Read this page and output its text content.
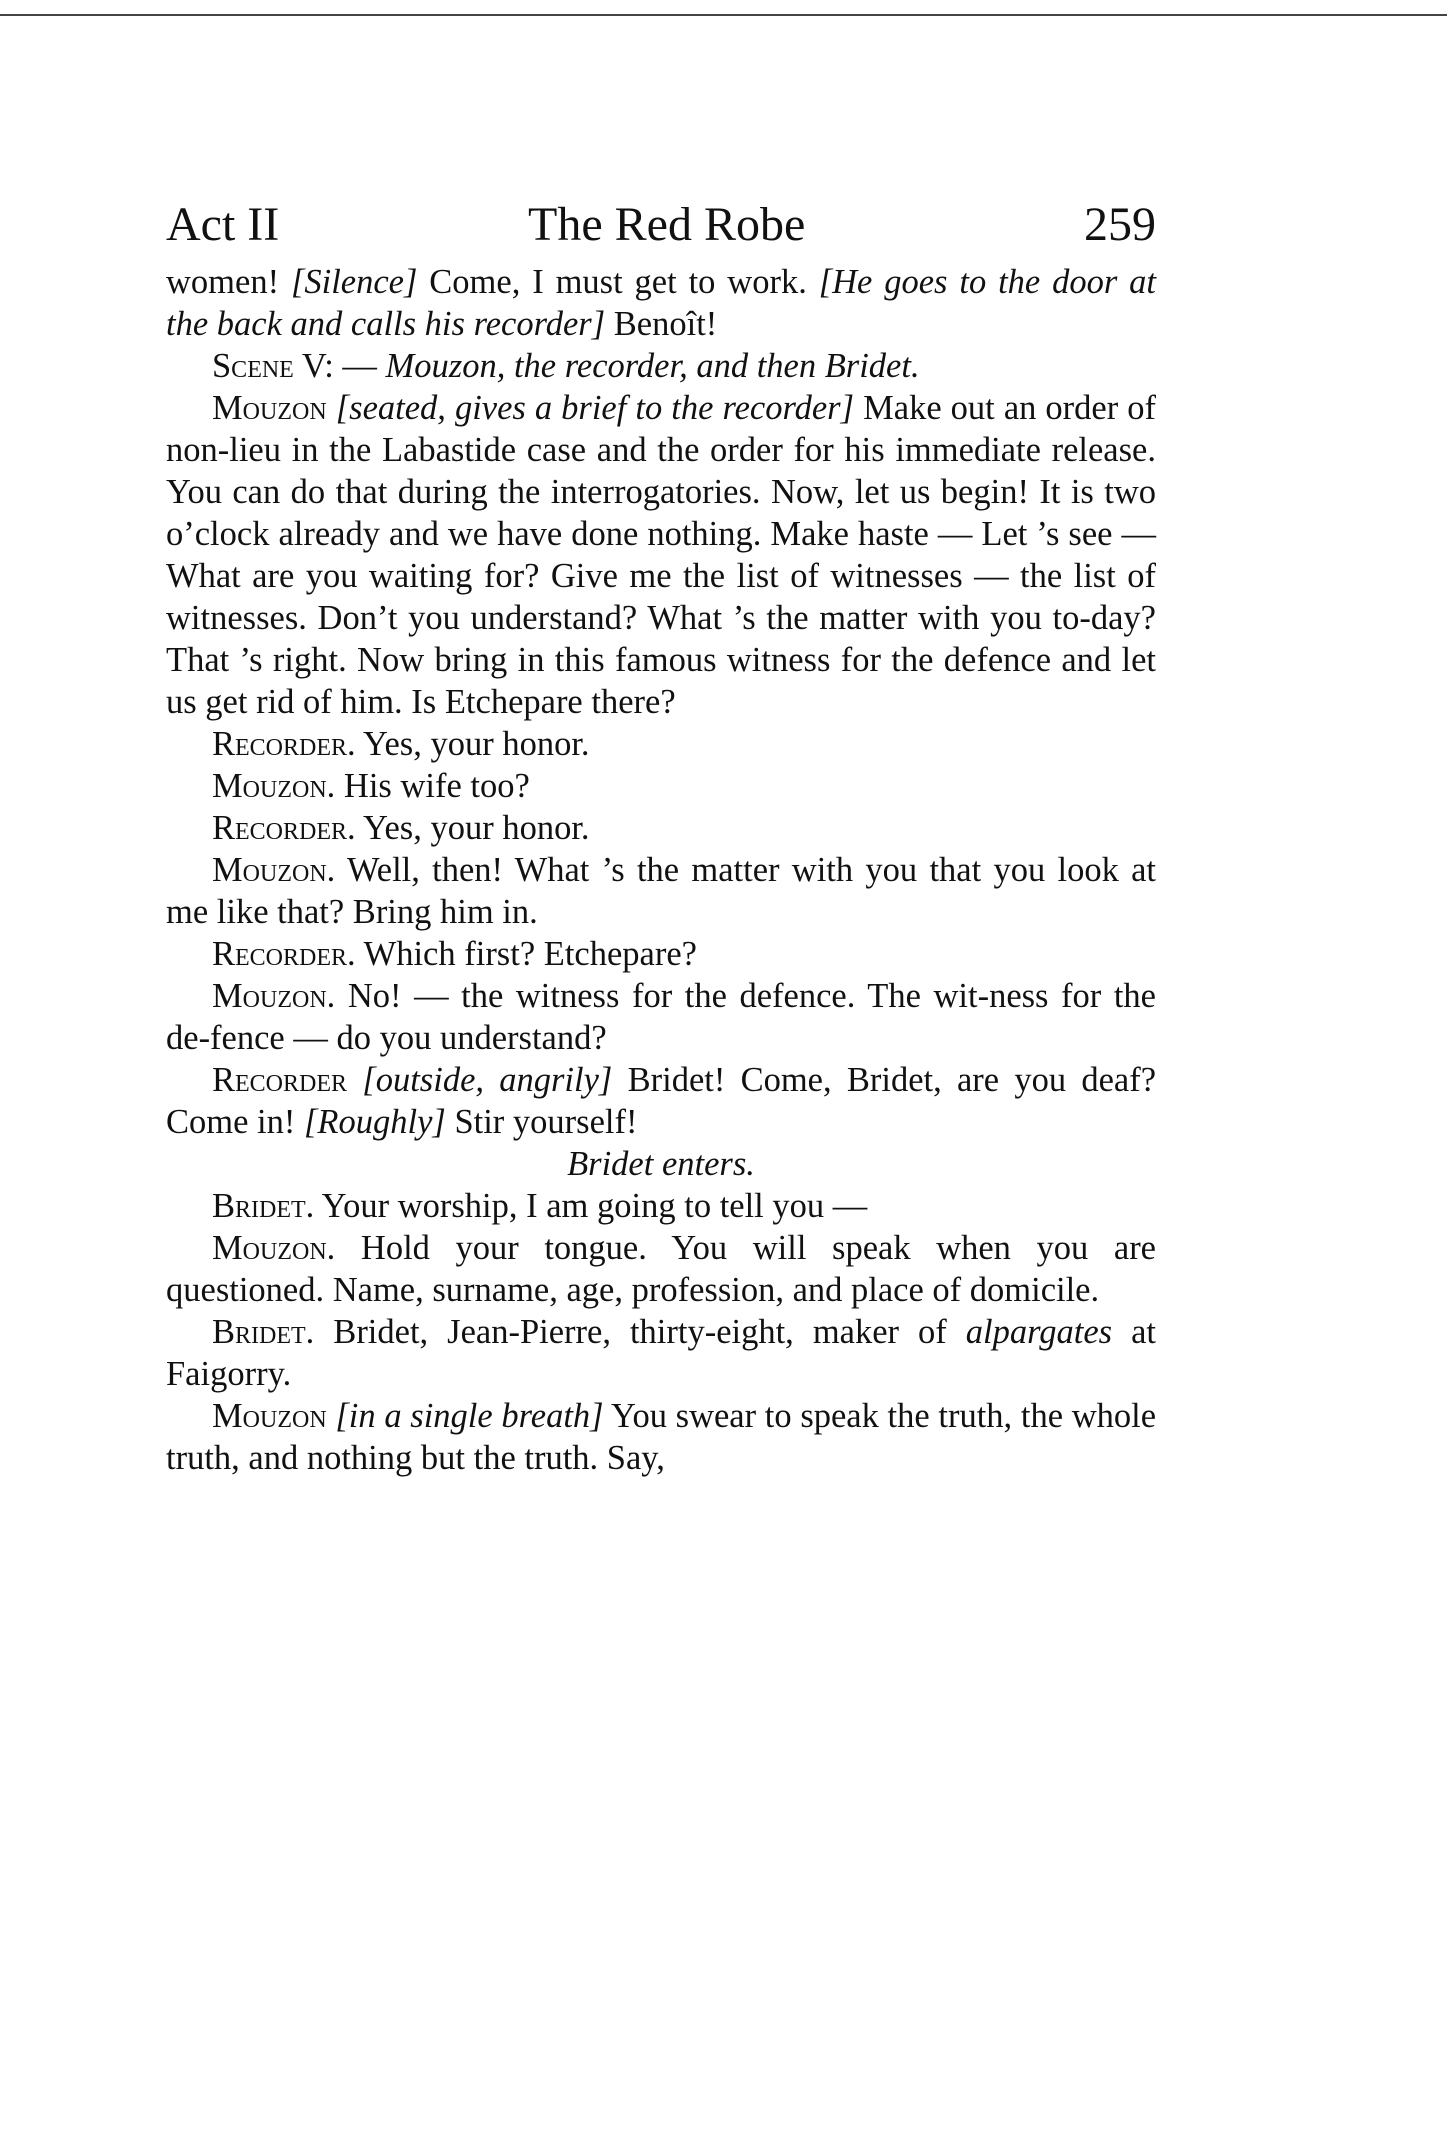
Act II	The Red Robe	259

women! [Silence] Come, I must get to work. [He goes to the door at the back and calls his recorder] Benoît!

Scene V: — Mouzon, the recorder, and then Bridet.

Mouzon [seated, gives a brief to the recorder] Make out an order of non-lieu in the Labastide case and the order for his immediate release. You can do that during the interrogatories. Now, let us begin! It is two o’clock already and we have done nothing. Make haste — Let ’s see — What are you waiting for? Give me the list of witnesses — the list of witnesses. Don’t you understand? What ’s the matter with you to-day? That ’s right. Now bring in this famous witness for the defence and let us get rid of him. Is Etchepare there?

Recorder. Yes, your honor.

Mouzon. His wife too?

Recorder. Yes, your honor.

Mouzon. Well, then! What ’s the matter with you that you look at me like that? Bring him in.

Recorder. Which first? Etchepare?

Mouzon. No! — the witness for the defence. The wit-ness for the de-fence — do you understand?

Recorder [outside, angrily] Bridet! Come, Bridet, are you deaf? Come in! [Roughly] Stir yourself!

Bridet enters.

Bridet. Your worship, I am going to tell you —

Mouzon. Hold your tongue. You will speak when you are questioned. Name, surname, age, profession, and place of domicile.

Bridet. Bridet, Jean-Pierre, thirty-eight, maker of alpargates at Faigorry.

Mouzon [in a single breath] You swear to speak the truth, the whole truth, and nothing but the truth. Say,
